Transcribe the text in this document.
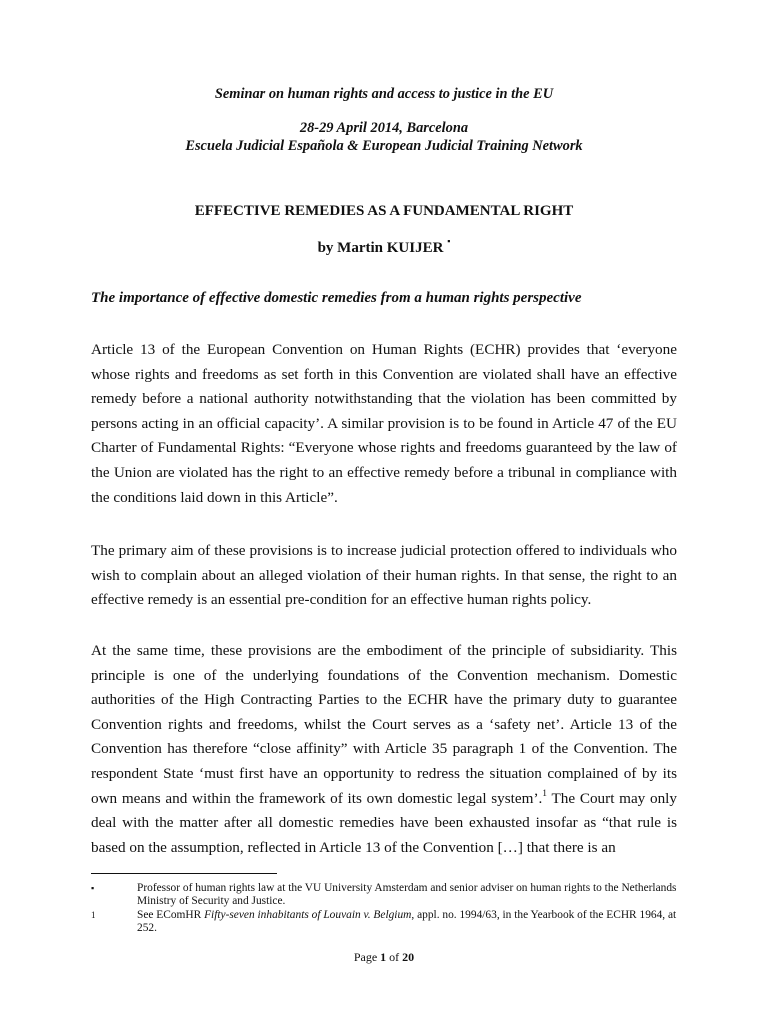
Seminar on human rights and access to justice in the EU
28-29 April 2014, Barcelona
Escuela Judicial Española & European Judicial Training Network
EFFECTIVE REMEDIES AS A FUNDAMENTAL RIGHT
by Martin KUIJER ▪
The importance of effective domestic remedies from a human rights perspective
Article 13 of the European Convention on Human Rights (ECHR) provides that ‘everyone whose rights and freedoms as set forth in this Convention are violated shall have an effective remedy before a national authority notwithstanding that the violation has been committed by persons acting in an official capacity’. A similar provision is to be found in Article 47 of the EU Charter of Fundamental Rights: “Everyone whose rights and freedoms guaranteed by the law of the Union are violated has the right to an effective remedy before a tribunal in compliance with the conditions laid down in this Article”.
The primary aim of these provisions is to increase judicial protection offered to individuals who wish to complain about an alleged violation of their human rights. In that sense, the right to an effective remedy is an essential pre-condition for an effective human rights policy.
At the same time, these provisions are the embodiment of the principle of subsidiarity. This principle is one of the underlying foundations of the Convention mechanism. Domestic authorities of the High Contracting Parties to the ECHR have the primary duty to guarantee Convention rights and freedoms, whilst the Court serves as a ‘safety net’. Article 13 of the Convention has therefore “close affinity” with Article 35 paragraph 1 of the Convention. The respondent State ‘must first have an opportunity to redress the situation complained of by its own means and within the framework of its own domestic legal system’.$^1$ The Court may only deal with the matter after all domestic remedies have been exhausted insofar as “that rule is based on the assumption, reflected in Article 13 of the Convention […] that there is an
▪	Professor of human rights law at the VU University Amsterdam and senior adviser on human rights to the Netherlands Ministry of Security and Justice.
1	See EComHR Fifty-seven inhabitants of Louvain v. Belgium, appl. no. 1994/63, in the Yearbook of the ECHR 1964, at 252.
Page 1 of 20
